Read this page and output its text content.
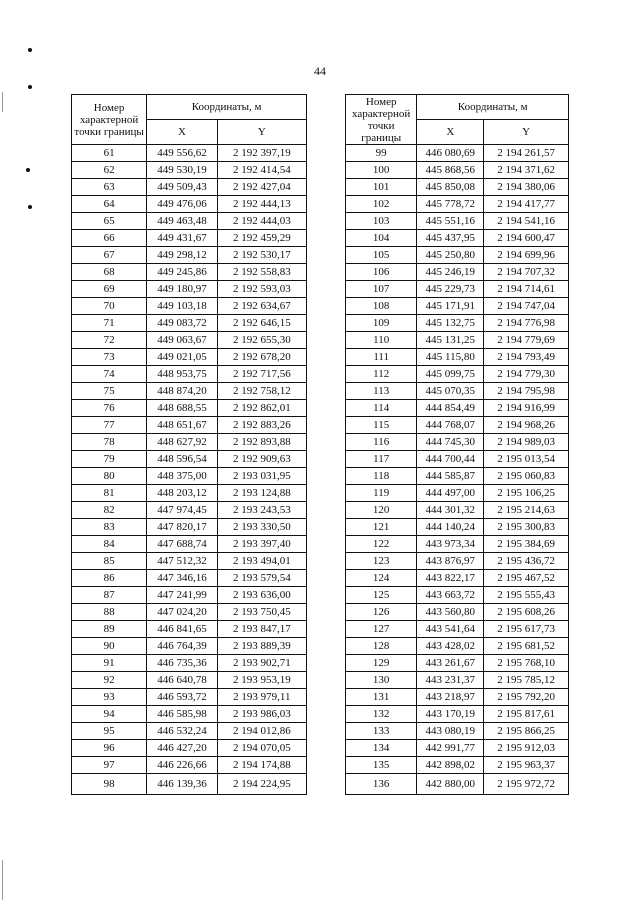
44
Номер характерной точки границы	Координаты, м	
	X	Y
61	449 556,62	2 192 397,19
62	449 530,19	2 192 414,54
63	449 509,43	2 192 427,04
64	449 476,06	2 192 444,13
65	449 463,48	2 192 444,03
66	449 431,67	2 192 459,29
67	449 298,12	2 192 530,17
68	449 245,86	2 192 558,83
69	449 180,97	2 192 593,03
70	449 103,18	2 192 634,67
71	449 083,72	2 192 646,15
72	449 063,67	2 192 655,30
73	449 021,05	2 192 678,20
74	448 953,75	2 192 717,56
75	448 874,20	2 192 758,12
76	448 688,55	2 192 862,01
77	448 651,67	2 192 883,26
78	448 627,92	2 192 893,88
79	448 596,54	2 192 909,63
80	448 375,00	2 193 031,95
81	448 203,12	2 193 124,88
82	447 974,45	2 193 243,53
83	447 820,17	2 193 330,50
84	447 688,74	2 193 397,40
85	447 512,32	2 193 494,01
86	447 346,16	2 193 579,54
87	447 241,99	2 193 636,00
88	447 024,20	2 193 750,45
89	446 841,65	2 193 847,17
90	446 764,39	2 193 889,39
91	446 735,36	2 193 902,71
92	446 640,78	2 193 953,19
93	446 593,72	2 193 979,11
94	446 585,98	2 193 986,03
95	446 532,24	2 194 012,86
96	446 427,20	2 194 070,05
97	446 226,66	2 194 174,88
98	446 139,36	2 194 224,95
Номер характерной точки границы	Координаты, м	
	X	Y
99	446 080,69	2 194 261,57
100	445 868,56	2 194 371,62
101	445 850,08	2 194 380,06
102	445 778,72	2 194 417,77
103	445 551,16	2 194 541,16
104	445 437,95	2 194 600,47
105	445 250,80	2 194 699,96
106	445 246,19	2 194 707,32
107	445 229,73	2 194 714,61
108	445 171,91	2 194 747,04
109	445 132,75	2 194 776,98
110	445 131,25	2 194 779,69
111	445 115,80	2 194 793,49
112	445 099,75	2 194 779,30
113	445 070,35	2 194 795,98
114	444 854,49	2 194 916,99
115	444 768,07	2 194 968,26
116	444 745,30	2 194 989,03
117	444 700,44	2 195 013,54
118	444 585,87	2 195 060,83
119	444 497,00	2 195 106,25
120	444 301,32	2 195 214,63
121	444 140,24	2 195 300,83
122	443 973,34	2 195 384,69
123	443 876,97	2 195 436,72
124	443 822,17	2 195 467,52
125	443 663,72	2 195 555,43
126	443 560,80	2 195 608,26
127	443 541,64	2 195 617,73
128	443 428,02	2 195 681,52
129	443 261,67	2 195 768,10
130	443 231,37	2 195 785,12
131	443 218,97	2 195 792,20
132	443 170,19	2 195 817,61
133	443 080,19	2 195 866,25
134	442 991,77	2 195 912,03
135	442 898,02	2 195 963,37
136	442 880,00	2 195 972,72
